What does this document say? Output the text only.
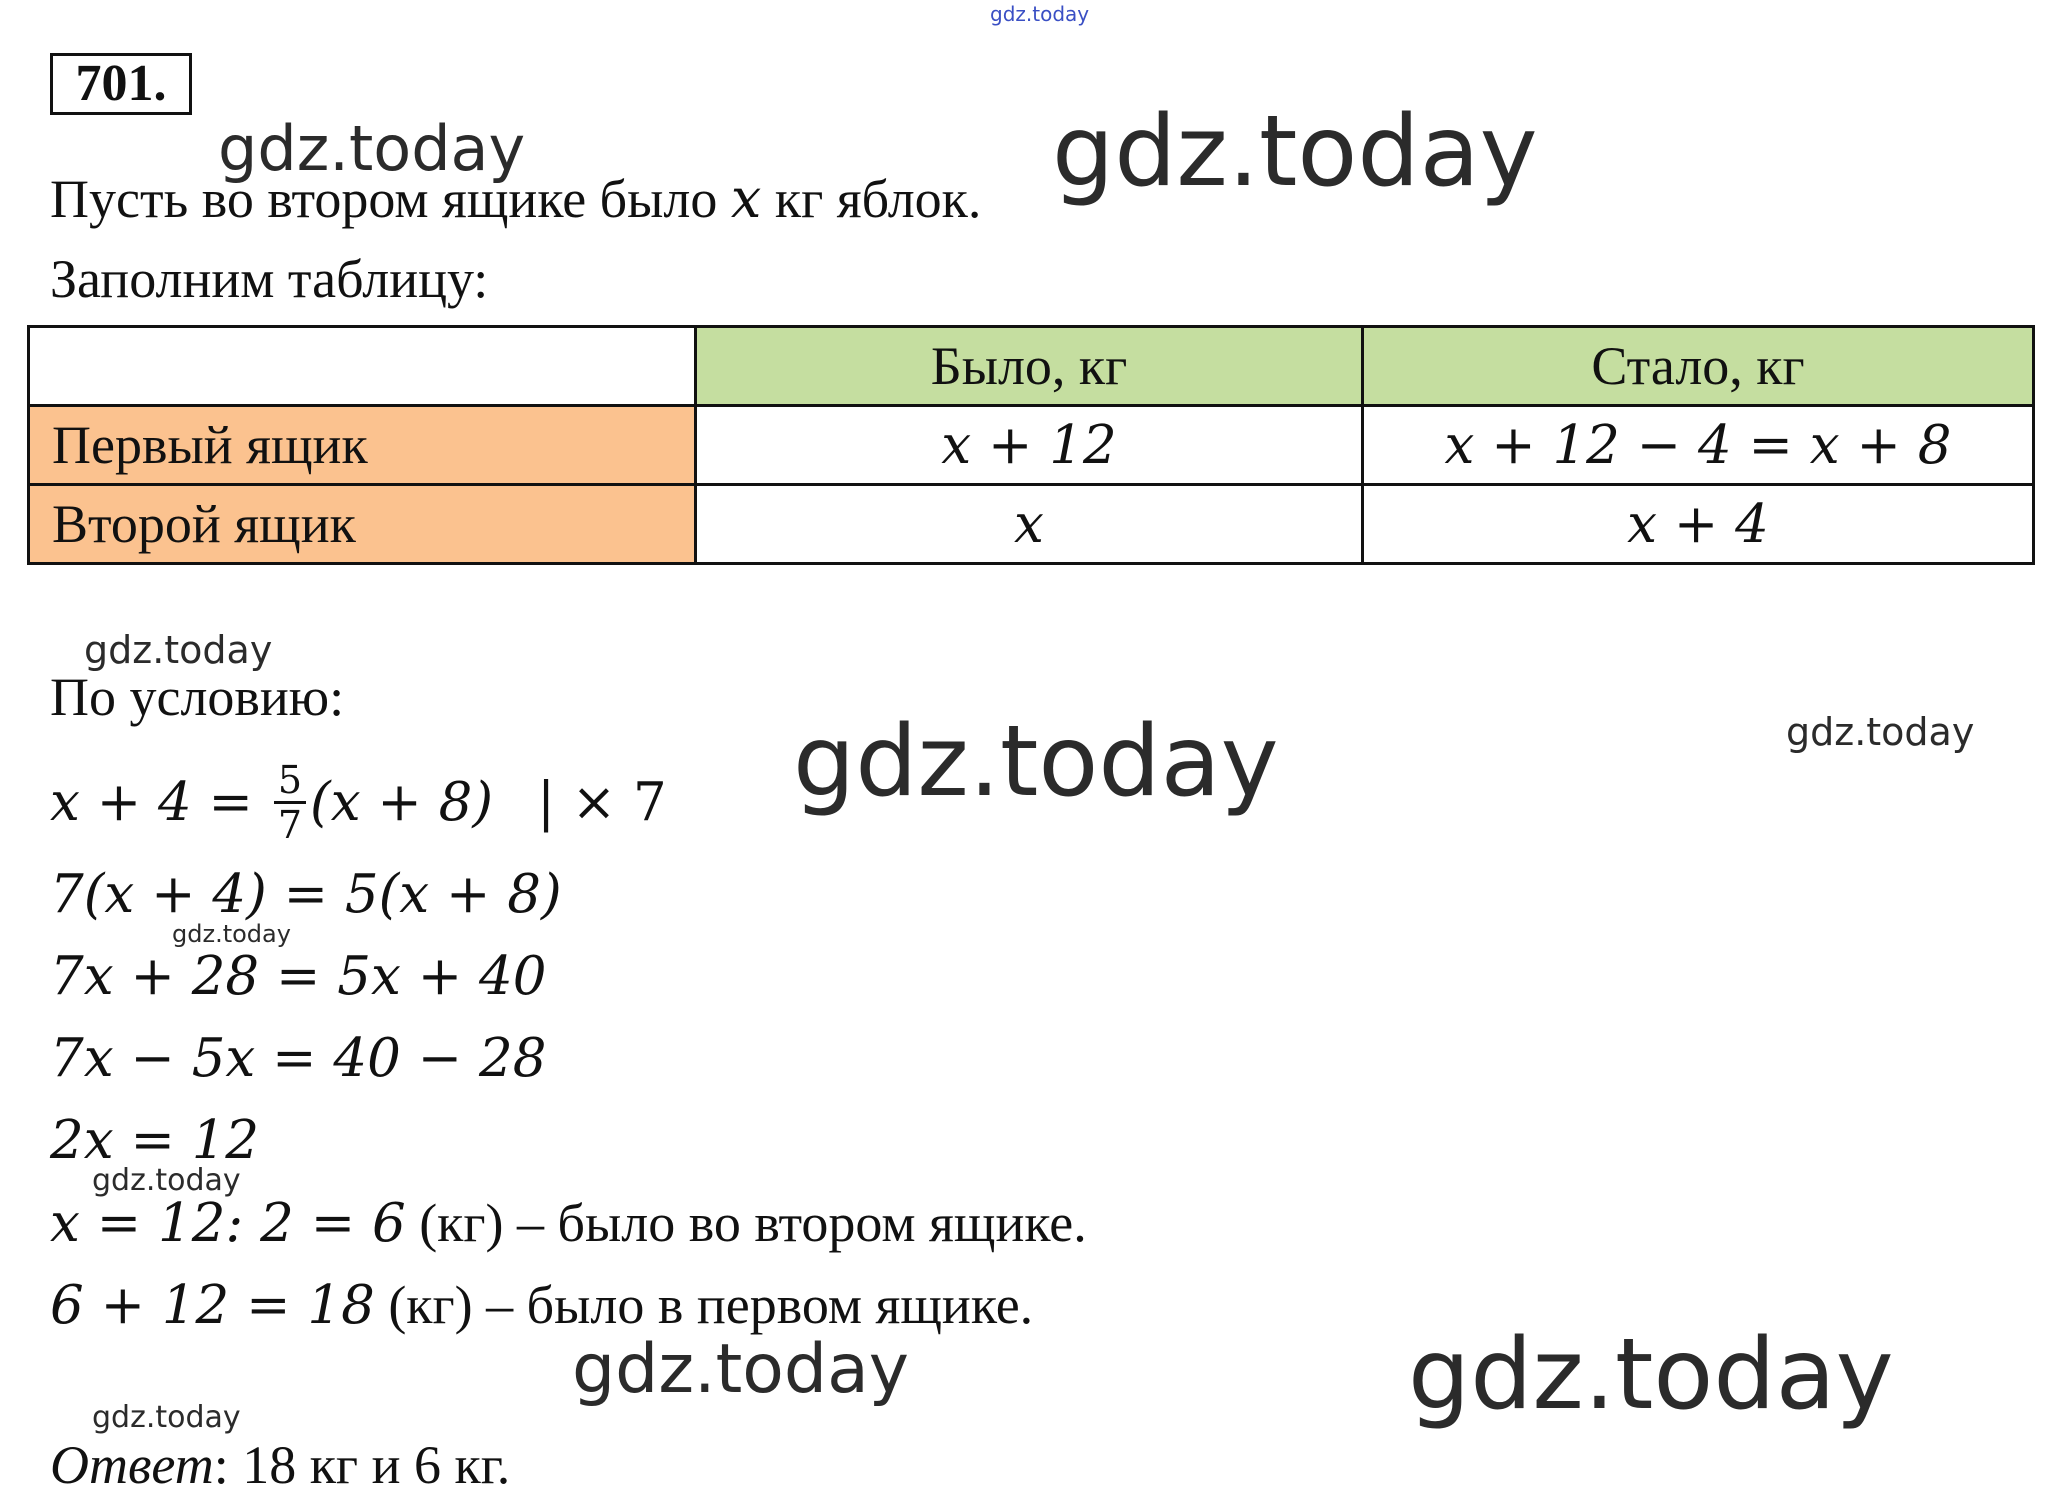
gdz.today
gdz.today	gdz.today
gdz.today
gdz.today	gdz.today
gdz.today
gdz.today
gdz.today	gdz.today
gdz.today
701.
Пусть во втором ящике было x кг яблок.
Заполним таблицу:
	Было, кг	Стало, кг
Первый ящик	x + 12	x + 12 − 4 = x + 8
Второй ящик	x	x + 4
По условию:
$x + 4 = \frac{5}{7} (x + 8)$ | × 7
7(x + 4) = 5(x + 8)
7x + 28 = 5x + 40
7x − 5x = 40 − 28
2x = 12
x = 12: 2 = 6 (кг) – было во втором ящике.
6 + 12 = 18 (кг) – было в первом ящике.
Ответ: 18 кг и 6 кг.
